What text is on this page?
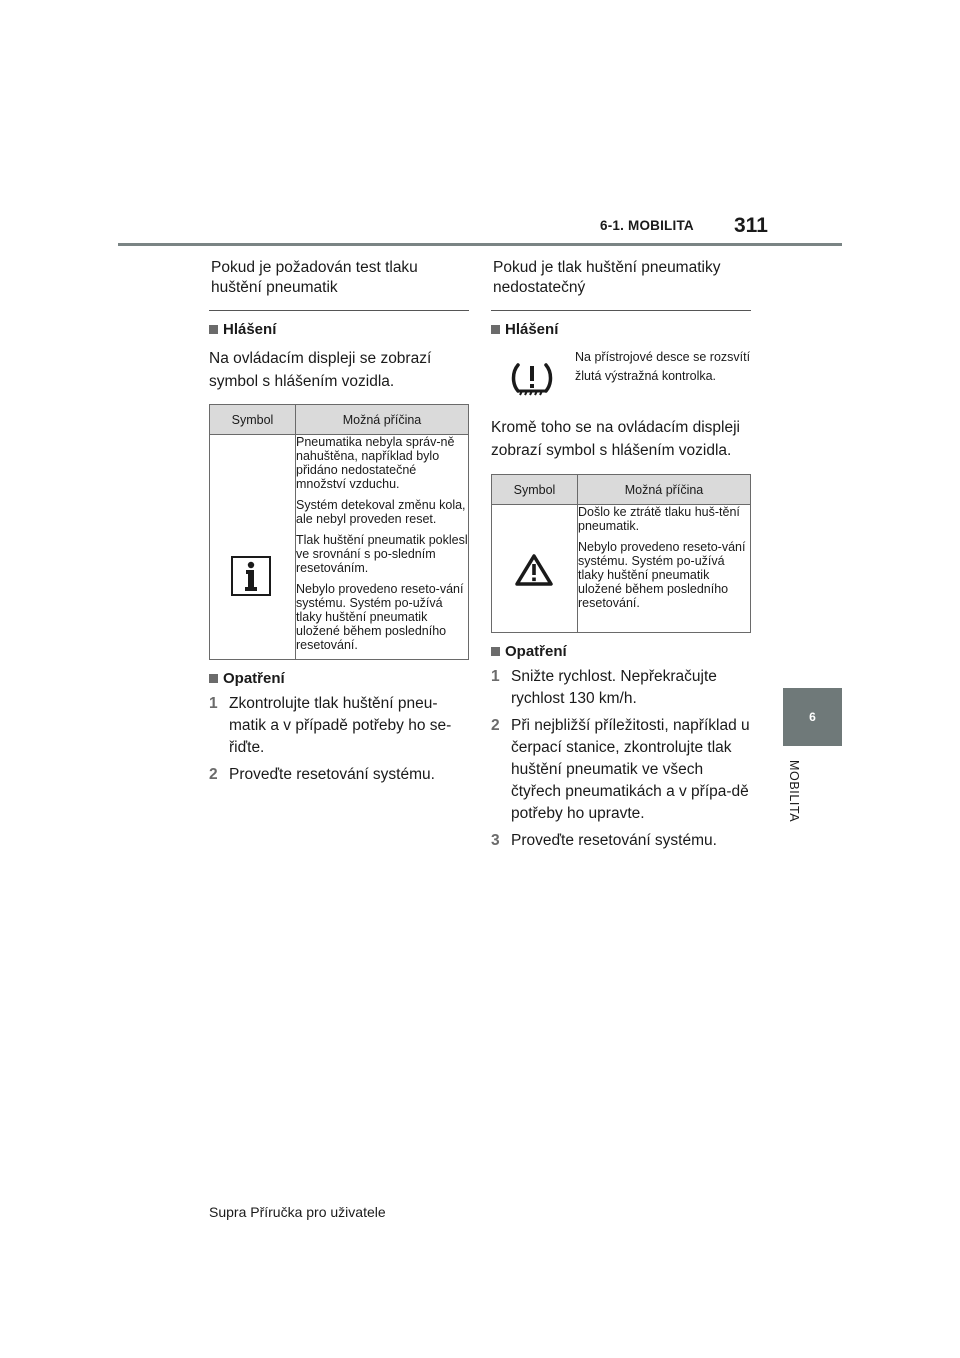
6-1. MOBILITA 311
6
MOBILITA
Pokud je požadován test tlaku huštění pneumatik
Hlášení
Na ovládacím displeji se zobrazí symbol s hlášením vozidla.
Symbol	Možná příčina

Pneumatika nebyla správ-ně nahuštěna, například bylo přidáno nedostatečné množství vzduchu.

Systém detekoval změnu kola, ale nebyl proveden reset.

Tlak huštění pneumatik poklesl ve srovnání s po-sledním resetováním.

Nebylo provedeno reseto-vání systému. Systém po-užívá tlaky huštění pneumatik uložené během posledního resetování.

Opatření
1 Zkontrolujte tlak huštění pneu-matik a v případě potřeby ho se-řiďte.
2 Proveďte resetování systému.
Pokud je tlak huštění pneumatiky nedostatečný
Hlášení
Na přístrojové desce se rozsvítí žlutá výstražná kontrolka.
Kromě toho se na ovládacím displeji zobrazí symbol s hlášením vozidla.
Symbol	Možná příčina

Došlo ke ztrátě tlaku huš-tění pneumatik.

Nebylo provedeno reseto-vání systému. Systém po-užívá tlaky huštění pneumatik uložené během posledního resetování.

Opatření
1 Snižte rychlost. Nepřekračujte rychlost 130 km/h.
2 Při nejbližší příležitosti, například u čerpací stanice, zkontrolujte tlak huštění pneumatik ve všech čtyřech pneumatikách a v přípa-dě potřeby ho upravte.
3 Proveďte resetování systému.
Supra Příručka pro uživatele
